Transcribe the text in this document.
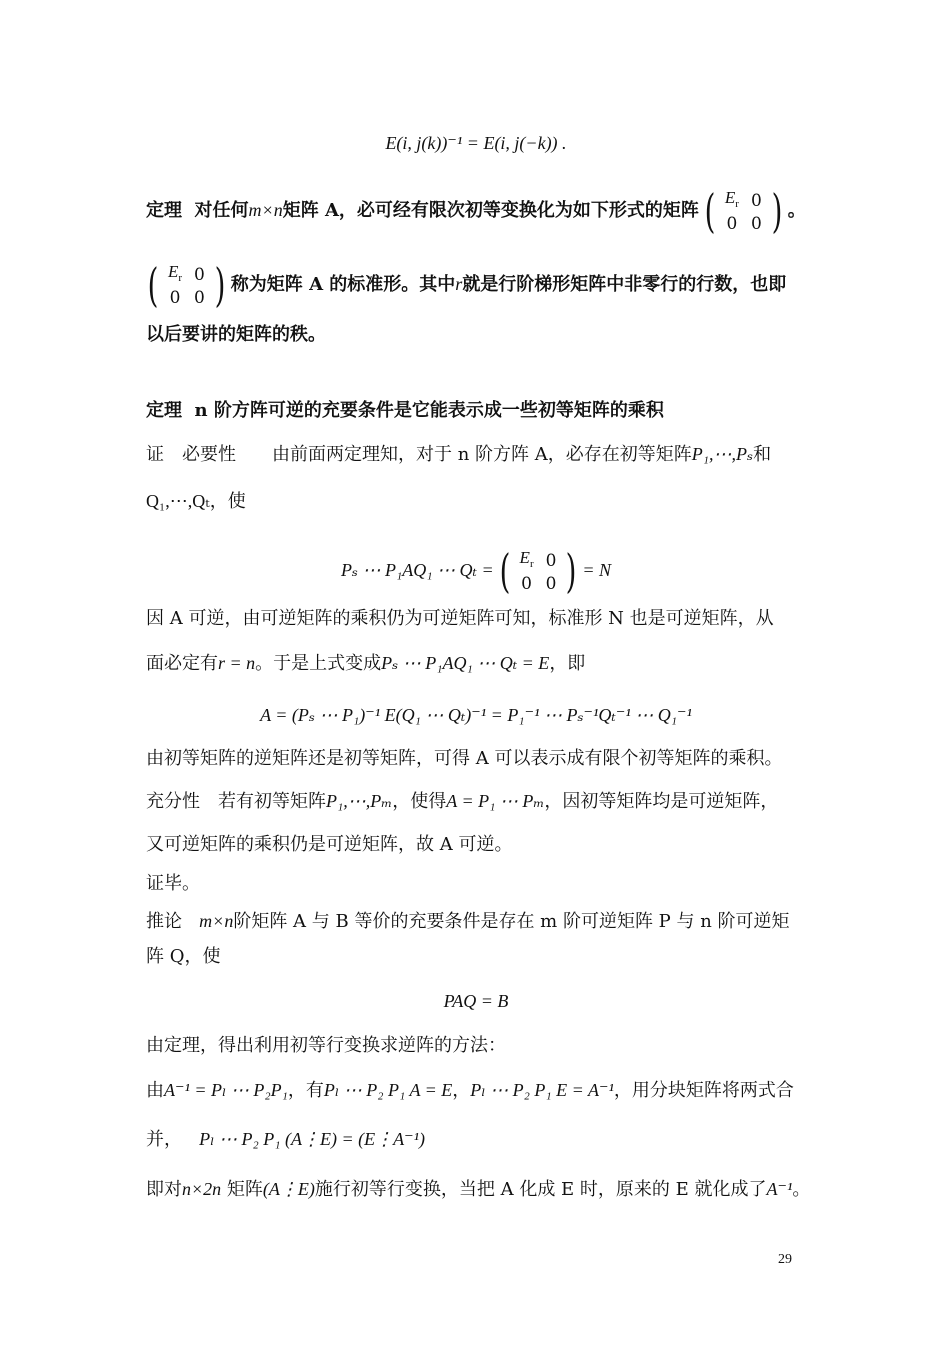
E(i, j(k))⁻¹ = E(i, j(−k)) .
定理 对任何m×n矩阵 A，必可经有限次初等变换化为如下形式的矩阵 ( $E_r$	0
0	0 ) 。
( $E_r$	0
0	0 ) 称为矩阵 A 的标准形。其中r就是行阶梯形矩阵中非零行的行数，也即
以后要讲的矩阵的秩。
定理 n 阶方阵可逆的充要条件是它能表示成一些初等矩阵的乘积
证　必要性　　由前面两定理知，对于 n 阶方阵 A，必存在初等矩阵P₁,⋯,Pₛ和
Q₁,⋯,Qₜ，使
Pₛ ⋯ P₁AQ₁ ⋯ Qₜ = ( $E_r$	0
0	0 ) = N
因 A 可逆，由可逆矩阵的乘积仍为可逆矩阵可知，标准形 N 也是可逆矩阵，从
面必定有r = n。于是上式变成Pₛ ⋯ P₁AQ₁ ⋯ Qₜ = E，即
A = (Pₛ ⋯ P₁)⁻¹ E(Q₁ ⋯ Qₜ)⁻¹ = P₁⁻¹ ⋯ Pₛ⁻¹Qₜ⁻¹ ⋯ Q₁⁻¹
由初等矩阵的逆矩阵还是初等矩阵，可得 A 可以表示成有限个初等矩阵的乘积。
充分性　若有初等矩阵P₁,⋯,Pₘ，使得A = P₁ ⋯ Pₘ，因初等矩阵均是可逆矩阵，
又可逆矩阵的乘积仍是可逆矩阵，故 A 可逆。
证毕。
推论 m×n阶矩阵 A 与 B 等价的充要条件是存在 m 阶可逆矩阵 P 与 n 阶可逆矩
阵 Q，使
PAQ = B
由定理，得出利用初等行变换求逆阵的方法：
由A⁻¹ = Pₗ ⋯ P₂P₁，有Pₗ ⋯ P₂ P₁ A = E，Pₗ ⋯ P₂ P₁ E = A⁻¹，用分块矩阵将两式合
并， Pₗ ⋯ P₂ P₁ (A⋮E) = (E⋮A⁻¹)
即对n×2n 矩阵(A⋮E)施行初等行变换，当把 A 化成 E 时，原来的 E 就化成了A⁻¹。
29
